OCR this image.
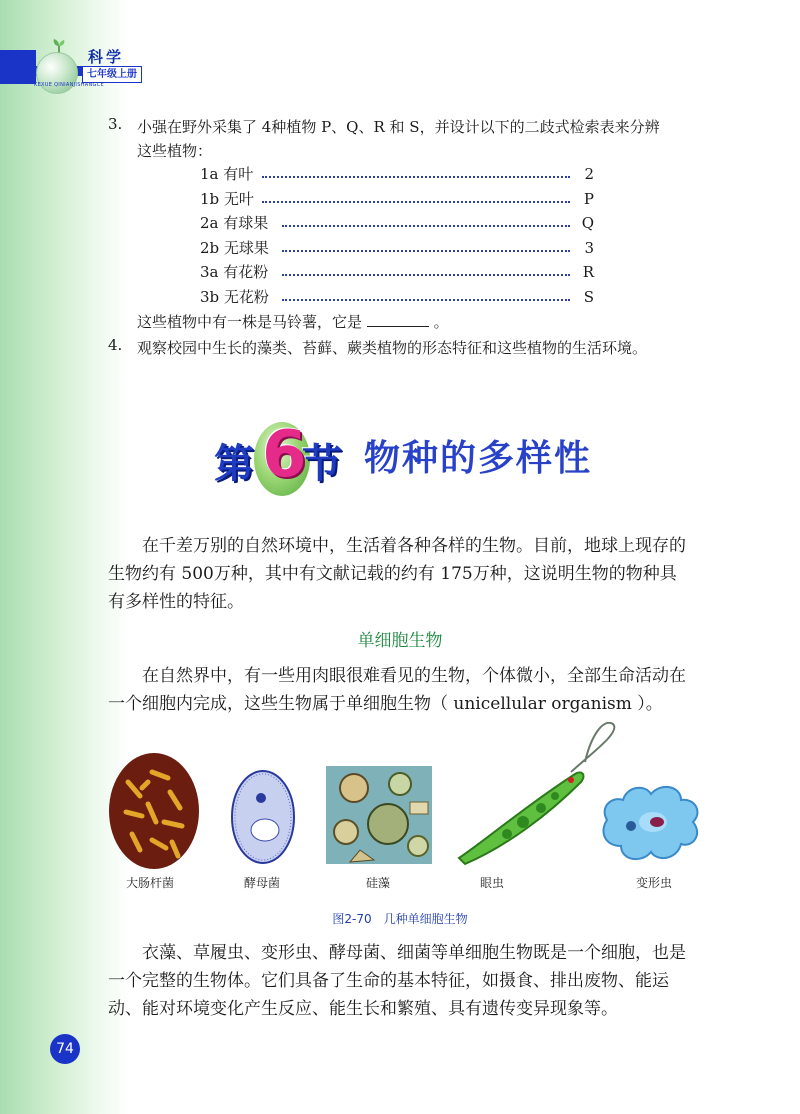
科学
七年级上册
KEXUE QINIANJISHANGCE
3. 小强在野外采集了 4种植物 P、Q、R 和 S，并设计以下的二歧式检索表来分辨
这些植物：
1a 有叶	2
1b 无叶	P
2a 有球果	Q
2b 无球果	3
3a 有花粉	R
3b 无花粉	S
这些植物中有一株是马铃薯，它是	。
4. 观察校园中生长的藻类、苔藓、蕨类植物的形态特征和这些植物的生活环境。
第 6
节 物种的多样性
在千差万别的自然环境中，生活着各种各样的生物。目前，地球上现存的生物约有 500万种，其中有文献记载的约有 175万种，这说明生物的物种具有多样性的特征。
单细胞生物
在自然界中，有一些用肉眼很难看见的生物，个体微小，全部生命活动在一个细胞内完成，这些生物属于单细胞生物（ unicellular organism ）。
大肠杆菌	酵母菌	硅藻	眼虫	变形虫
图2-70　几种单细胞生物
衣藻、草履虫、变形虫、酵母菌、细菌等单细胞生物既是一个细胞，也是一个完整的生物体。它们具备了生命的基本特征，如摄食、排出废物、能运动、能对环境变化产生反应、能生长和繁殖、具有遗传变异现象等。
74
